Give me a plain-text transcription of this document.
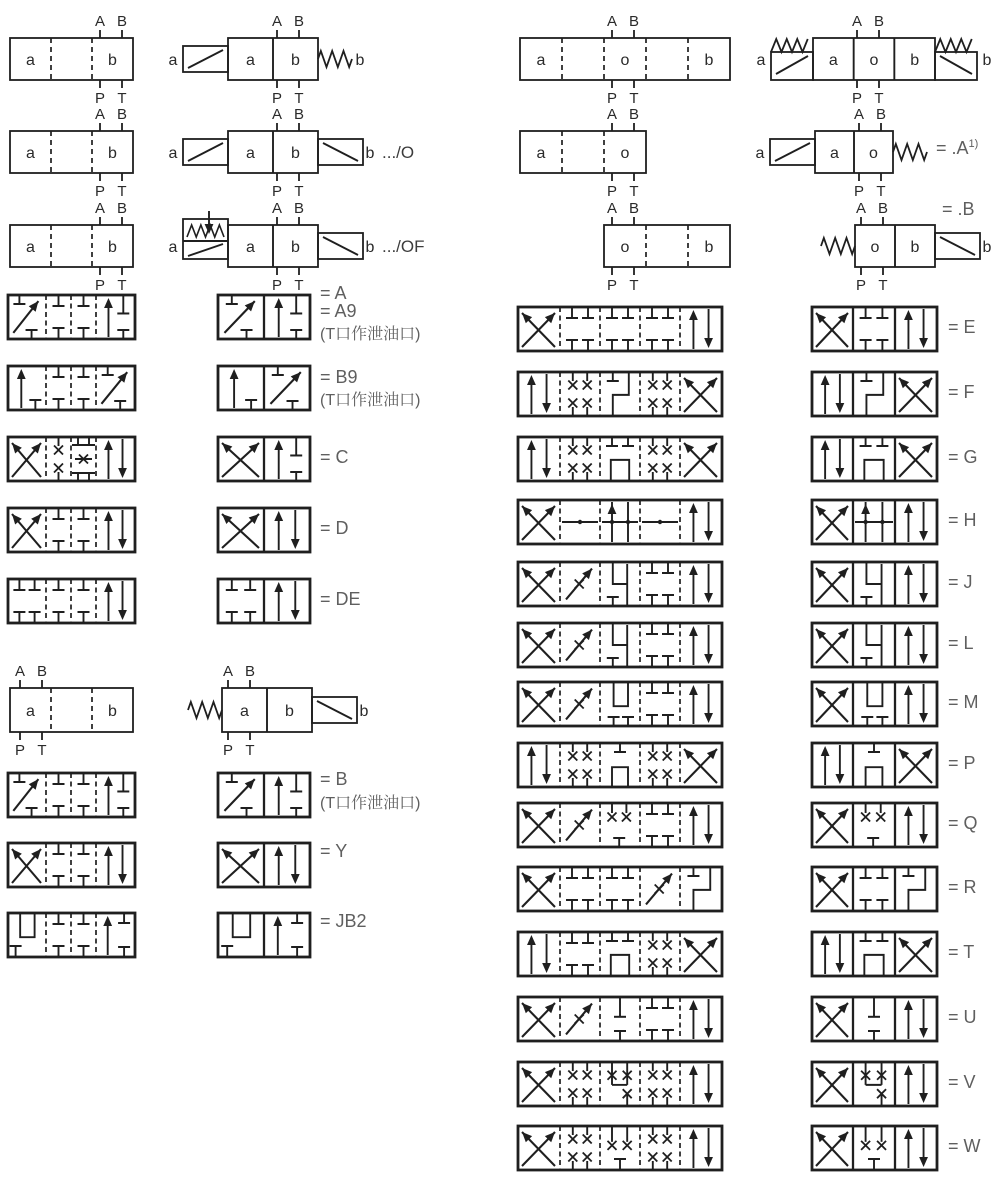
a	b
A B
P T
a	b
A B
P T
a	b
A B
P T
a b
A B
P T
a	b
a b
A B
P T
a	b
a b
A B
P T
a	b
a	o	b
A B
P T
a	o
A B
P T
o	b
A B
P T
a o b
A B
P T
a	b
a o
A B
P T
a
o b
A B
P T
b
a	b
A B
P T
a b
A B
P T
b
.../O
.../OF
= $.A^{1)}$
= .B
= A
= A9
(T口作泄油口)
= B9
(T口作泄油口)
= C
= D
= DE
= B
(T口作泄油口)
= Y
= JB2
= E
= F
= G
= H
= J
= L
= M
= P
= Q
= R
= T
= U
= V
= W
